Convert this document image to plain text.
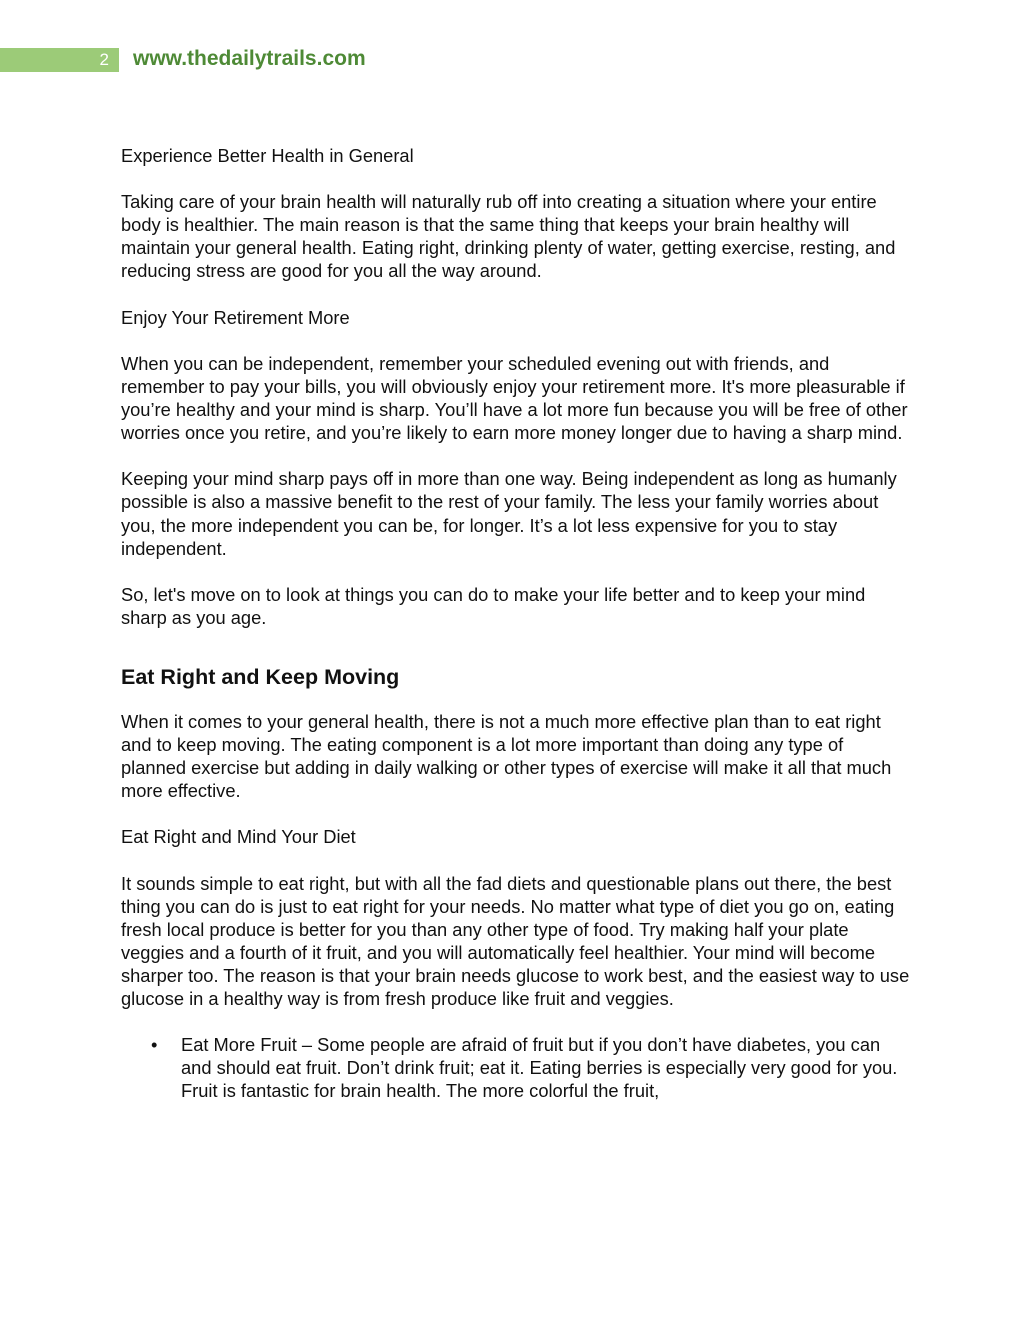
2 www.thedailytrails.com

Experience Better Health in General

Taking care of your brain health will naturally rub off into creating a situation where your entire body is healthier. The main reason is that the same thing that keeps your brain healthy will maintain your general health. Eating right, drinking plenty of water, getting exercise, resting, and reducing stress are good for you all the way around.

Enjoy Your Retirement More

When you can be independent, remember your scheduled evening out with friends, and remember to pay your bills, you will obviously enjoy your retirement more. It's more pleasurable if you’re healthy and your mind is sharp. You’ll have a lot more fun because you will be free of other worries once you retire, and you’re likely to earn more money longer due to having a sharp mind.

Keeping your mind sharp pays off in more than one way. Being independent as long as humanly possible is also a massive benefit to the rest of your family. The less your family worries about you, the more independent you can be, for longer. It’s a lot less expensive for you to stay independent.

So, let's move on to look at things you can do to make your life better and to keep your mind sharp as you age.

Eat Right and Keep Moving

When it comes to your general health, there is not a much more effective plan than to eat right and to keep moving. The eating component is a lot more important than doing any type of planned exercise but adding in daily walking or other types of exercise will make it all that much more effective.

Eat Right and Mind Your Diet

It sounds simple to eat right, but with all the fad diets and questionable plans out there, the best thing you can do is just to eat right for your needs. No matter what type of diet you go on, eating fresh local produce is better for you than any other type of food. Try making half your plate veggies and a fourth of it fruit, and you will automatically feel healthier. Your mind will become sharper too. The reason is that your brain needs glucose to work best, and the easiest way to use glucose in a healthy way is from fresh produce like fruit and veggies.

• Eat More Fruit – Some people are afraid of fruit but if you don’t have diabetes, you can and should eat fruit. Don’t drink fruit; eat it. Eating berries is especially very good for you. Fruit is fantastic for brain health. The more colorful the fruit,
